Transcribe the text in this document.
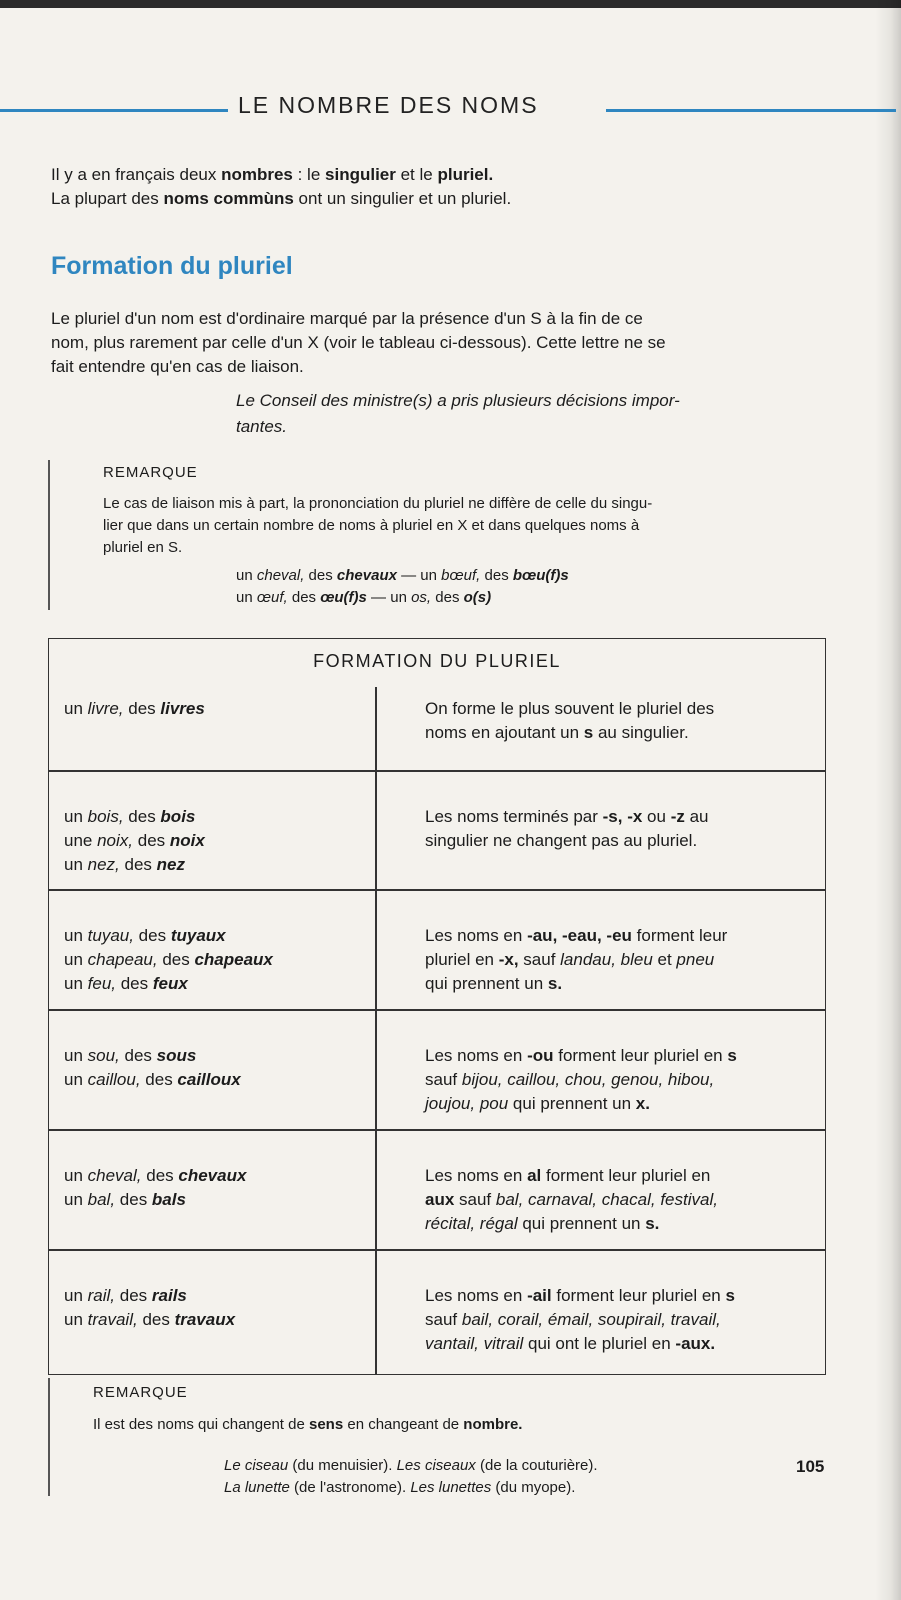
LE NOMBRE DES NOMS
Il y a en français deux nombres : le singulier et le pluriel.
La plupart des noms commùns ont un singulier et un pluriel.
Formation du pluriel
Le pluriel d'un nom est d'ordinaire marqué par la présence d'un S à la fin de ce
nom, plus rarement par celle d'un X (voir le tableau ci-dessous). Cette lettre ne se
fait entendre qu'en cas de liaison.
Le Conseil des ministre(s) a pris plusieurs décisions impor-
tantes.
REMARQUE
Le cas de liaison mis à part, la prononciation du pluriel ne diffère de celle du singu-
lier que dans un certain nombre de noms à pluriel en X et dans quelques noms à
pluriel en S.
un cheval, des chevaux — un bœuf, des bœu(f)s
un œuf, des œu(f)s — un os, des o(s)
FORMATION DU PLURIEL
un livre, des livres	On forme le plus souvent le pluriel des
noms en ajoutant un s au singulier.
un bois, des bois
une noix, des noix
un nez, des nez
Les noms terminés par -s, -x ou -z au
singulier ne changent pas au pluriel.
un tuyau, des tuyaux
un chapeau, des chapeaux
un feu, des feux
Les noms en -au, -eau, -eu forment leur
pluriel en -x, sauf landau, bleu et pneu
qui prennent un s.
un sou, des sous
un caillou, des cailloux
Les noms en -ou forment leur pluriel en s
sauf bijou, caillou, chou, genou, hibou,
joujou, pou qui prennent un x.
un cheval, des chevaux
un bal, des bals
Les noms en al forment leur pluriel en
aux sauf bal, carnaval, chacal, festival,
récital, régal qui prennent un s.
un rail, des rails
un travail, des travaux
Les noms en -ail forment leur pluriel en s
sauf bail, corail, émail, soupirail, travail,
vantail, vitrail qui ont le pluriel en -aux.
REMARQUE
Il est des noms qui changent de sens en changeant de nombre.
Le ciseau (du menuisier). Les ciseaux (de la couturière).
La lunette (de l'astronome). Les lunettes (du myope).
105
